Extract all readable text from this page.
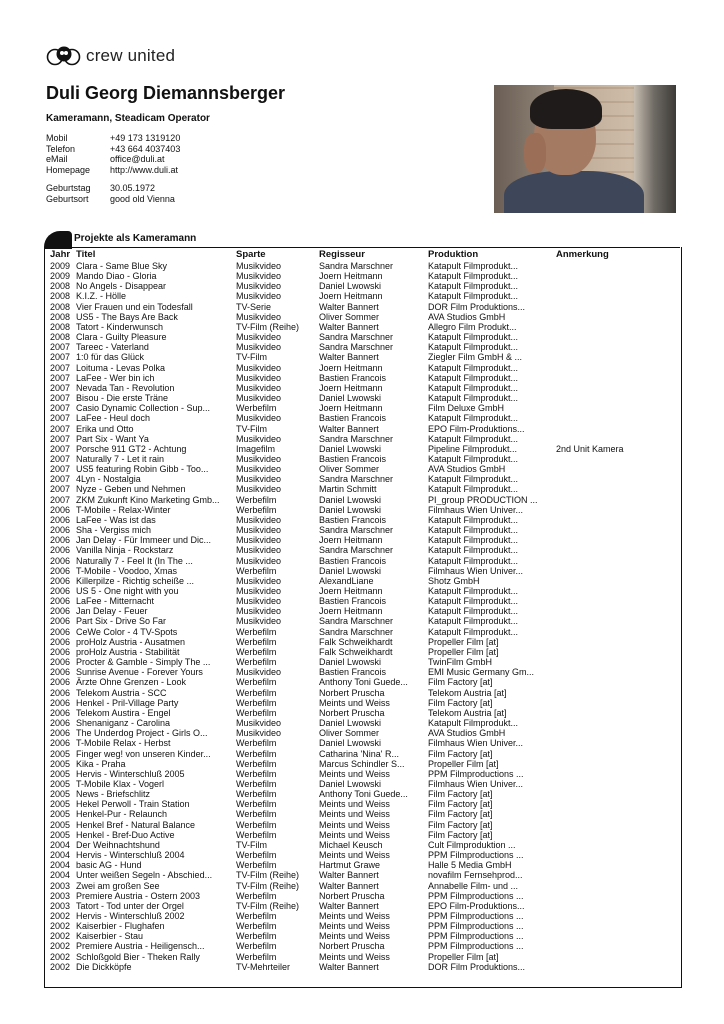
crew united
Duli Georg Diemannsberger
Kameramann, Steadicam Operator
Mobil	+49 173 1319120
Telefon	+43 664 4037403
eMail	office@duli.at
Homepage	http://www.duli.at
Geburtstag	30.05.1972
Geburtsort	good old Vienna
Projekte als Kameramann
Jahr	Titel	Sparte	Regisseur	Produktion	Anmerkung
2009	Clara - Same Blue Sky	Musikvideo	Sandra Marschner	Katapult Filmprodukt...	
2009	Mando Diao - Gloria	Musikvideo	Joern Heitmann	Katapult Filmprodukt...	
2008	No Angels - Disappear	Musikvideo	Daniel Lwowski	Katapult Filmprodukt...	
2008	K.I.Z. - Hölle	Musikvideo	Joern Heitmann	Katapult Filmprodukt...	
2008	Vier Frauen und ein Todesfall	TV-Serie	Walter Bannert	DOR Film Produktions...	
2008	US5 - The Bays Are Back	Musikvideo	Oliver Sommer	AVA Studios GmbH	
2008	Tatort - Kinderwunsch	TV-Film (Reihe)	Walter Bannert	Allegro Film Produkt...	
2008	Clara - Guilty Pleasure	Musikvideo	Sandra Marschner	Katapult Filmprodukt...	
2007	Tareec - Vaterland	Musikvideo	Sandra Marschner	Katapult Filmprodukt...	
2007	1:0 für das Glück	TV-Film	Walter Bannert	Ziegler Film GmbH & ...	
2007	Loituma - Levas Polka	Musikvideo	Joern Heitmann	Katapult Filmprodukt...	
2007	LaFee - Wer bin ich	Musikvideo	Bastien Francois	Katapult Filmprodukt...	
2007	Nevada Tan - Revolution	Musikvideo	Joern Heitmann	Katapult Filmprodukt...	
2007	Bisou - Die erste Träne	Musikvideo	Daniel Lwowski	Katapult Filmprodukt...	
2007	Casio Dynamic Collection - Sup...	Werbefilm	Joern Heitmann	Film Deluxe GmbH	
2007	LaFee - Heul doch	Musikvideo	Bastien Francois	Katapult Filmprodukt...	
2007	Erika und Otto	TV-Film	Walter Bannert	EPO Film-Produktions...	
2007	Part Six - Want Ya	Musikvideo	Sandra Marschner	Katapult Filmprodukt...	
2007	Porsche 911 GT2 - Achtung	Imagefilm	Daniel Lwowski	Pipeline Filmprodukt...	2nd Unit Kamera
2007	Naturally 7 - Let it rain	Musikvideo	Bastien Francois	Katapult Filmprodukt...	
2007	US5 featuring Robin Gibb - Too...	Musikvideo	Oliver Sommer	AVA Studios GmbH	
2007	4Lyn - Nostalgia	Musikvideo	Sandra Marschner	Katapult Filmprodukt...	
2007	Nyze - Geben und Nehmen	Musikvideo	Martin Schmitt	Katapult Filmprodukt...	
2007	ZKM Zukunft Kino Marketing Gmb...	Werbefilm	Daniel Lwowski	PI_group PRODUCTION ...	
2006	T-Mobile - Relax-Winter	Werbefilm	Daniel Lwowski	Filmhaus Wien Univer...	
2006	LaFee - Was ist das	Musikvideo	Bastien Francois	Katapult Filmprodukt...	
2006	Sha - Vergiss mich	Musikvideo	Sandra Marschner	Katapult Filmprodukt...	
2006	Jan Delay - Für Immeer und Dic...	Musikvideo	Joern Heitmann	Katapult Filmprodukt...	
2006	Vanilla Ninja - Rockstarz	Musikvideo	Sandra Marschner	Katapult Filmprodukt...	
2006	Naturally 7 - Feel It (In The ...	Musikvideo	Bastien Francois	Katapult Filmprodukt...	
2006	T-Mobile - Voodoo, Xmas	Werbefilm	Daniel Lwowski	Filmhaus Wien Univer...	
2006	Killerpilze - Richtig scheiße ...	Musikvideo	AlexandLiane	Shotz GmbH	
2006	US 5 - One night with you	Musikvideo	Joern Heitmann	Katapult Filmprodukt...	
2006	LaFee - Mitternacht	Musikvideo	Bastien Francois	Katapult Filmprodukt...	
2006	Jan Delay - Feuer	Musikvideo	Joern Heitmann	Katapult Filmprodukt...	
2006	Part Six - Drive So Far	Musikvideo	Sandra Marschner	Katapult Filmprodukt...	
2006	CeWe Color - 4 TV-Spots	Werbefilm	Sandra Marschner	Katapult Filmprodukt...	
2006	proHolz Austria - Ausatmen	Werbefilm	Falk Schweikhardt	Propeller Film [at]	
2006	proHolz Austria - Stabilität	Werbefilm	Falk Schweikhardt	Propeller Film [at]	
2006	Procter & Gamble - Simply The ...	Werbefilm	Daniel Lwowski	TwinFilm GmbH	
2006	Sunrise Avenue - Forever Yours	Musikvideo	Bastien Francois	EMI Music Germany Gm...	
2006	Ärzte Ohne Grenzen - Look	Werbefilm	Anthony Toni Guede...	Film Factory [at]	
2006	Telekom Austria - SCC	Werbefilm	Norbert Pruscha	Telekom Austria [at]	
2006	Henkel - Pril-Village Party	Werbefilm	Meints und Weiss	Film Factory [at]	
2006	Telekom Austira - Engel	Werbefilm	Norbert Pruscha	Telekom Austria [at]	
2006	Shenaniganz - Carolina	Musikvideo	Daniel Lwowski	Katapult Filmprodukt...	
2006	The Underdog Project - Girls O...	Musikvideo	Oliver Sommer	AVA Studios GmbH	
2006	T-Mobile Relax - Herbst	Werbefilm	Daniel Lwowski	Filmhaus Wien Univer...	
2005	Finger weg! von unseren Kinder...	Werbefilm	Catharina 'Nina' R...	Film Factory [at]	
2005	Kika - Praha	Werbefilm	Marcus Schindler S...	Propeller Film [at]	
2005	Hervis - Winterschluß 2005	Werbefilm	Meints und Weiss	PPM Filmproductions ...	
2005	T-Mobile Klax - Vogerl	Werbefilm	Daniel Lwowski	Filmhaus Wien Univer...	
2005	News - Briefschlitz	Werbefilm	Anthony Toni Guede...	Film Factory [at]	
2005	Hekel Perwoll - Train Station	Werbefilm	Meints und Weiss	Film Factory [at]	
2005	Henkel-Pur - Relaunch	Werbefilm	Meints und Weiss	Film Factory [at]	
2005	Henkel Bref - Natural Balance	Werbefilm	Meints und Weiss	Film Factory [at]	
2005	Henkel - Bref-Duo Active	Werbefilm	Meints und Weiss	Film Factory [at]	
2004	Der Weihnachtshund	TV-Film	Michael Keusch	Cult Filmproduktion ...	
2004	Hervis - Winterschluß 2004	Werbefilm	Meints und Weiss	PPM Filmproductions ...	
2004	basic AG - Hund	Werbefilm	Hartmut Grawe	Halle 5 Media GmbH	
2004	Unter weißen Segeln - Abschied...	TV-Film (Reihe)	Walter Bannert	novafilm Fernsehprod...	
2003	Zwei am großen See	TV-Film (Reihe)	Walter Bannert	Annabelle Film- und ...	
2003	Premiere Austria - Ostern 2003	Werbefilm	Norbert Pruscha	PPM Filmproductions ...	
2003	Tatort - Tod unter der Orgel	TV-Film (Reihe)	Walter Bannert	EPO Film-Produktions...	
2002	Hervis - Winterschluß 2002	Werbefilm	Meints und Weiss	PPM Filmproductions ...	
2002	Kaiserbier - Flughafen	Werbefilm	Meints und Weiss	PPM Filmproductions ...	
2002	Kaiserbier - Stau	Werbefilm	Meints und Weiss	PPM Filmproductions ...	
2002	Premiere Austria - Heiligensch...	Werbefilm	Norbert Pruscha	PPM Filmproductions ...	
2002	Schloßgold Bier - Theken Rally	Werbefilm	Meints und Weiss	Propeller Film [at]	
2002	Die Dickköpfe	TV-Mehrteiler	Walter Bannert	DOR Film Produktions...	
